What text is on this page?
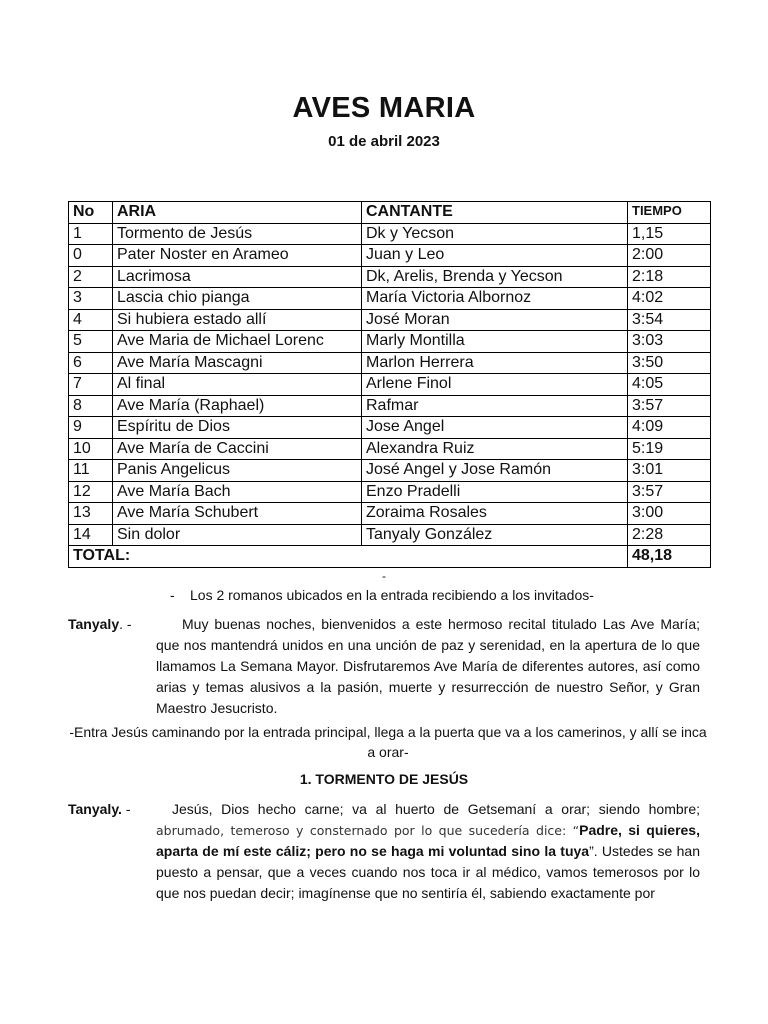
AVES MARIA
01 de abril 2023
No	ARIA	CANTANTE	TIEMPO
1	Tormento de Jesús	Dk y Yecson	1,15
0	Pater Noster en Arameo	Juan y Leo	2:00
2	Lacrimosa	Dk, Arelis, Brenda y Yecson	2:18
3	Lascia chio pianga	María Victoria Albornoz	4:02
4	Si hubiera estado allí	José Moran	3:54
5	Ave Maria de Michael Lorenc	Marly Montilla	3:03
6	Ave María Mascagni	Marlon Herrera	3:50
7	Al final	Arlene Finol	4:05
8	Ave María (Raphael)	Rafmar	3:57
9	Espíritu de Dios	Jose Angel	4:09
10	Ave María de Caccini	Alexandra Ruiz	5:19
11	Panis Angelicus	José Angel y Jose Ramón	3:01
12	Ave María Bach	Enzo Pradelli	3:57
13	Ave María Schubert	Zoraima Rosales	3:00
14	Sin dolor	Tanyaly González	2:28
TOTAL:			48,18
-
- Los 2 romanos ubicados en la entrada recibiendo a los invitados-
Tanyaly. -	Muy buenas noches, bienvenidos a este hermoso recital titulado Las Ave María; que nos mantendrá unidos en una unción de paz y serenidad, en la apertura de lo que llamamos La Semana Mayor. Disfrutaremos Ave María de diferentes autores, así como arias y temas alusivos a la pasión, muerte y resurrección de nuestro Señor, y Gran Maestro Jesucristo.
-Entra Jesús caminando por la entrada principal, llega a la puerta que va a los camerinos, y allí se inca a orar-
1. TORMENTO DE JESÚS
Tanyaly. -	Jesús, Dios hecho carne; va al huerto de Getsemaní a orar; siendo hombre; abrumado, temeroso y consternado por lo que sucedería dice: “Padre, si quieres, aparta de mí este cáliz; pero no se haga mi voluntad sino la tuya”. Ustedes se han puesto a pensar, que a veces cuando nos toca ir al médico, vamos temerosos por lo que nos puedan decir; imagínense que no sentiría él, sabiendo exactamente por
